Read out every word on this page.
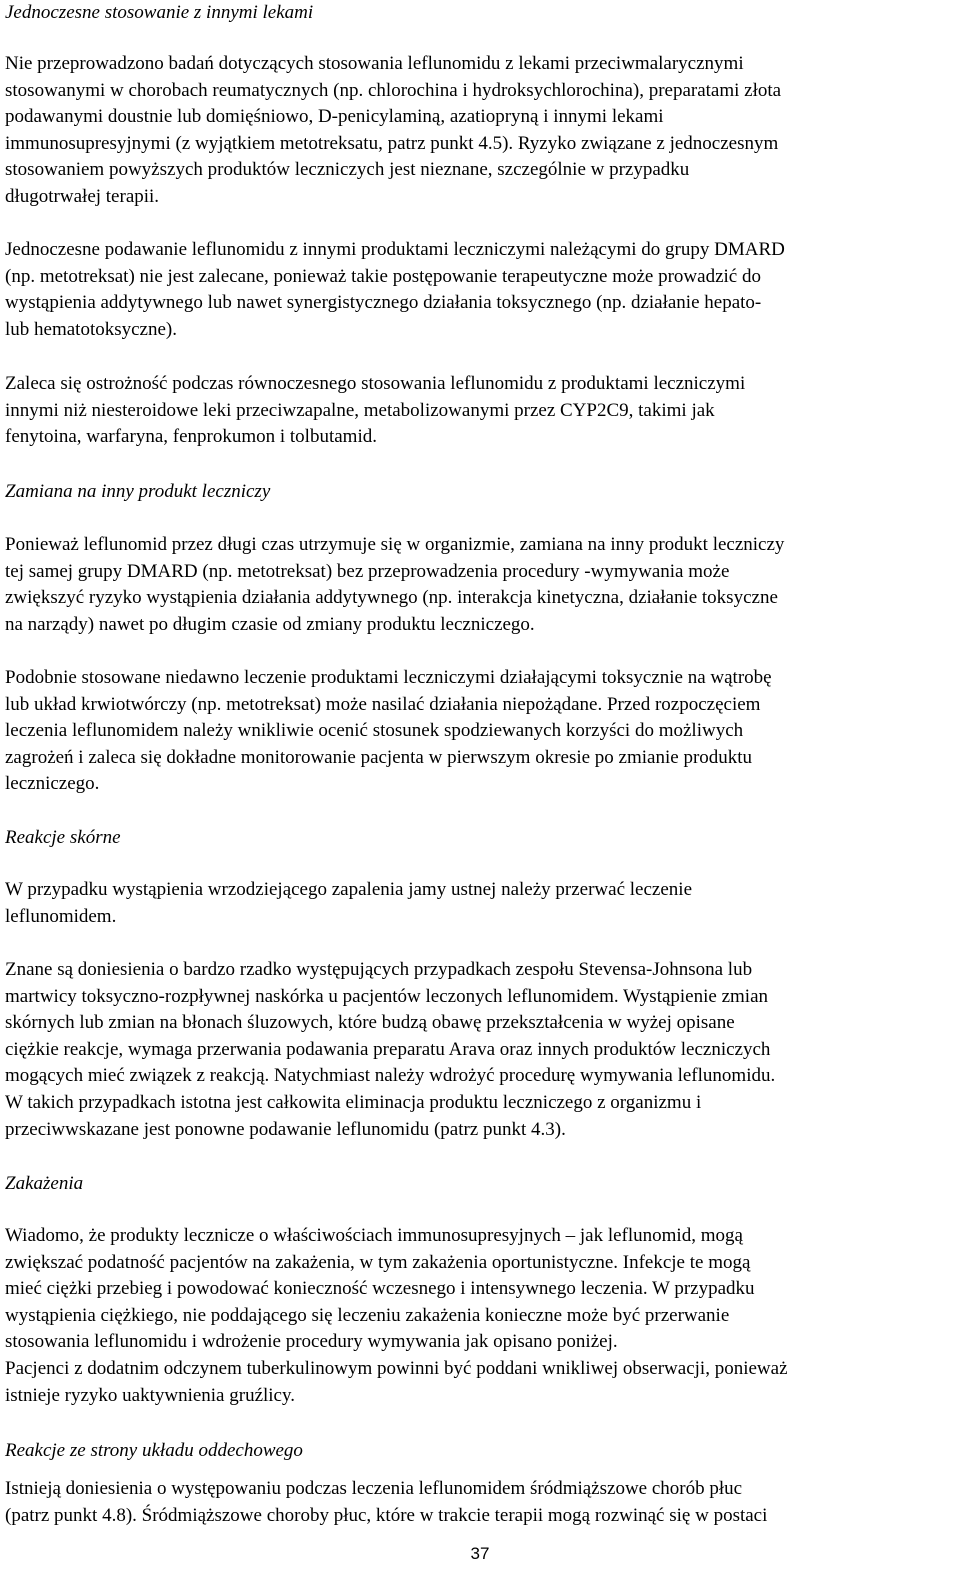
Jednoczesne stosowanie z innymi lekami

Nie przeprowadzono badań dotyczących stosowania leflunomidu z lekami przeciwmalarycznymi
stosowanymi w chorobach reumatycznych (np. chlorochina i hydroksychlorochina), preparatami złota
podawanymi doustnie lub domięśniowo, D-penicylaminą, azatiopryną i innymi lekami
immunosupresyjnymi (z wyjątkiem metotreksatu, patrz punkt 4.5). Ryzyko związane z jednoczesnym
stosowaniem powyższych produktów leczniczych jest nieznane, szczególnie w przypadku
długotrwałej terapii.

Jednoczesne podawanie leflunomidu z innymi produktami leczniczymi należącymi do grupy DMARD
(np. metotreksat) nie jest zalecane, ponieważ takie postępowanie terapeutyczne może prowadzić do
wystąpienia addytywnego lub nawet synergistycznego działania toksycznego (np. działanie hepato-
lub hematotoksyczne).

Zaleca się ostrożność podczas równoczesnego stosowania leflunomidu z produktami leczniczymi
innymi niż niesteroidowe leki przeciwzapalne, metabolizowanymi przez CYP2C9, takimi jak
fenytoina, warfaryna, fenprokumon i tolbutamid.

Zamiana na inny produkt leczniczy

Ponieważ leflunomid przez długi czas utrzymuje się w organizmie, zamiana na inny produkt leczniczy
tej samej grupy DMARD (np. metotreksat) bez przeprowadzenia procedury -wymywania może
zwiększyć ryzyko wystąpienia działania addytywnego (np. interakcja kinetyczna, działanie toksyczne
na narządy) nawet po długim czasie od zmiany produktu leczniczego.

Podobnie stosowane niedawno leczenie produktami leczniczymi działającymi toksycznie na wątrobę
lub układ krwiotwórczy (np. metotreksat) może nasilać działania niepożądane. Przed rozpoczęciem
leczenia leflunomidem należy wnikliwie ocenić stosunek spodziewanych korzyści do możliwych
zagrożeń i zaleca się dokładne monitorowanie pacjenta w pierwszym okresie po zmianie produktu
leczniczego.

Reakcje skórne

W przypadku wystąpienia wrzodziejącego zapalenia jamy ustnej należy przerwać leczenie
leflunomidem.

Znane są doniesienia o bardzo rzadko występujących przypadkach zespołu Stevensa-Johnsona lub
martwicy toksyczno-rozpływnej naskórka u pacjentów leczonych leflunomidem. Wystąpienie zmian
skórnych lub zmian na błonach śluzowych, które budzą obawę przekształcenia w wyżej opisane
ciężkie reakcje, wymaga przerwania podawania preparatu Arava oraz innych produktów leczniczych
mogących mieć związek z reakcją. Natychmiast należy wdrożyć procedurę wymywania leflunomidu.
W takich przypadkach istotna jest całkowita eliminacja produktu leczniczego z organizmu i
przeciwwskazane jest ponowne podawanie leflunomidu (patrz punkt 4.3).

Zakażenia

Wiadomo, że produkty lecznicze o właściwościach immunosupresyjnych – jak leflunomid, mogą
zwiększać podatność pacjentów na zakażenia, w tym zakażenia oportunistyczne. Infekcje te mogą
mieć ciężki przebieg i powodować konieczność wczesnego i intensywnego leczenia. W przypadku
wystąpienia ciężkiego, nie poddającego się leczeniu zakażenia konieczne może być przerwanie
stosowania leflunomidu i wdrożenie procedury wymywania jak opisano poniżej.
Pacjenci z dodatnim odczynem tuberkulinowym powinni być poddani wnikliwej obserwacji, ponieważ
istnieje ryzyko uaktywnienia gruźlicy.

Reakcje ze strony układu oddechowego

Istnieją doniesienia o występowaniu podczas leczenia leflunomidem śródmiąższowe chorób płuc
(patrz punkt 4.8). Śródmiąższowe choroby płuc, które w trakcie terapii mogą rozwinąć się w postaci

37
